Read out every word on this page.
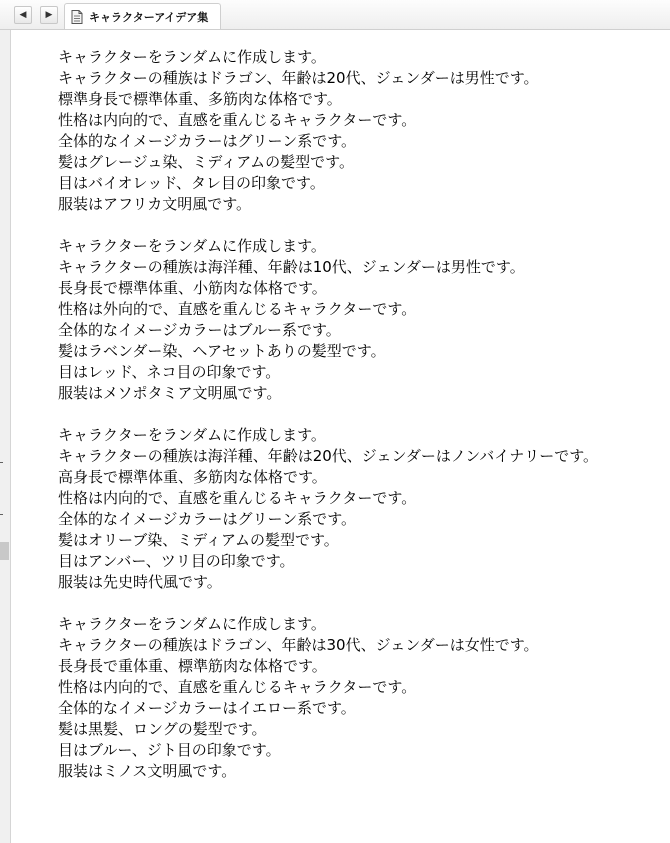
◀ ▶	キャラクターアイデア集
キャラクターをランダムに作成します。
キャラクターの種族はドラゴン、年齢は20代、ジェンダーは男性です。
標準身長で標準体重、多筋肉な体格です。
性格は内向的で、直感を重んじるキャラクターです。
全体的なイメージカラーはグリーン系です。
髪はグレージュ染、ミディアムの髪型です。
目はバイオレッド、タレ目の印象です。
服装はアフリカ文明風です。
キャラクターをランダムに作成します。
キャラクターの種族は海洋種、年齢は10代、ジェンダーは男性です。
長身長で標準体重、小筋肉な体格です。
性格は外向的で、直感を重んじるキャラクターです。
全体的なイメージカラーはブルー系です。
髪はラベンダー染、ヘアセットありの髪型です。
目はレッド、ネコ目の印象です。
服装はメソポタミア文明風です。
キャラクターをランダムに作成します。
キャラクターの種族は海洋種、年齢は20代、ジェンダーはノンバイナリーです。
高身長で標準体重、多筋肉な体格です。
性格は内向的で、直感を重んじるキャラクターです。
全体的なイメージカラーはグリーン系です。
髪はオリーブ染、ミディアムの髪型です。
目はアンバー、ツリ目の印象です。
服装は先史時代風です。
キャラクターをランダムに作成します。
キャラクターの種族はドラゴン、年齢は30代、ジェンダーは女性です。
長身長で重体重、標準筋肉な体格です。
性格は内向的で、直感を重んじるキャラクターです。
全体的なイメージカラーはイエロー系です。
髪は黒髪、ロングの髪型です。
目はブルー、ジト目の印象です。
服装はミノス文明風です。
